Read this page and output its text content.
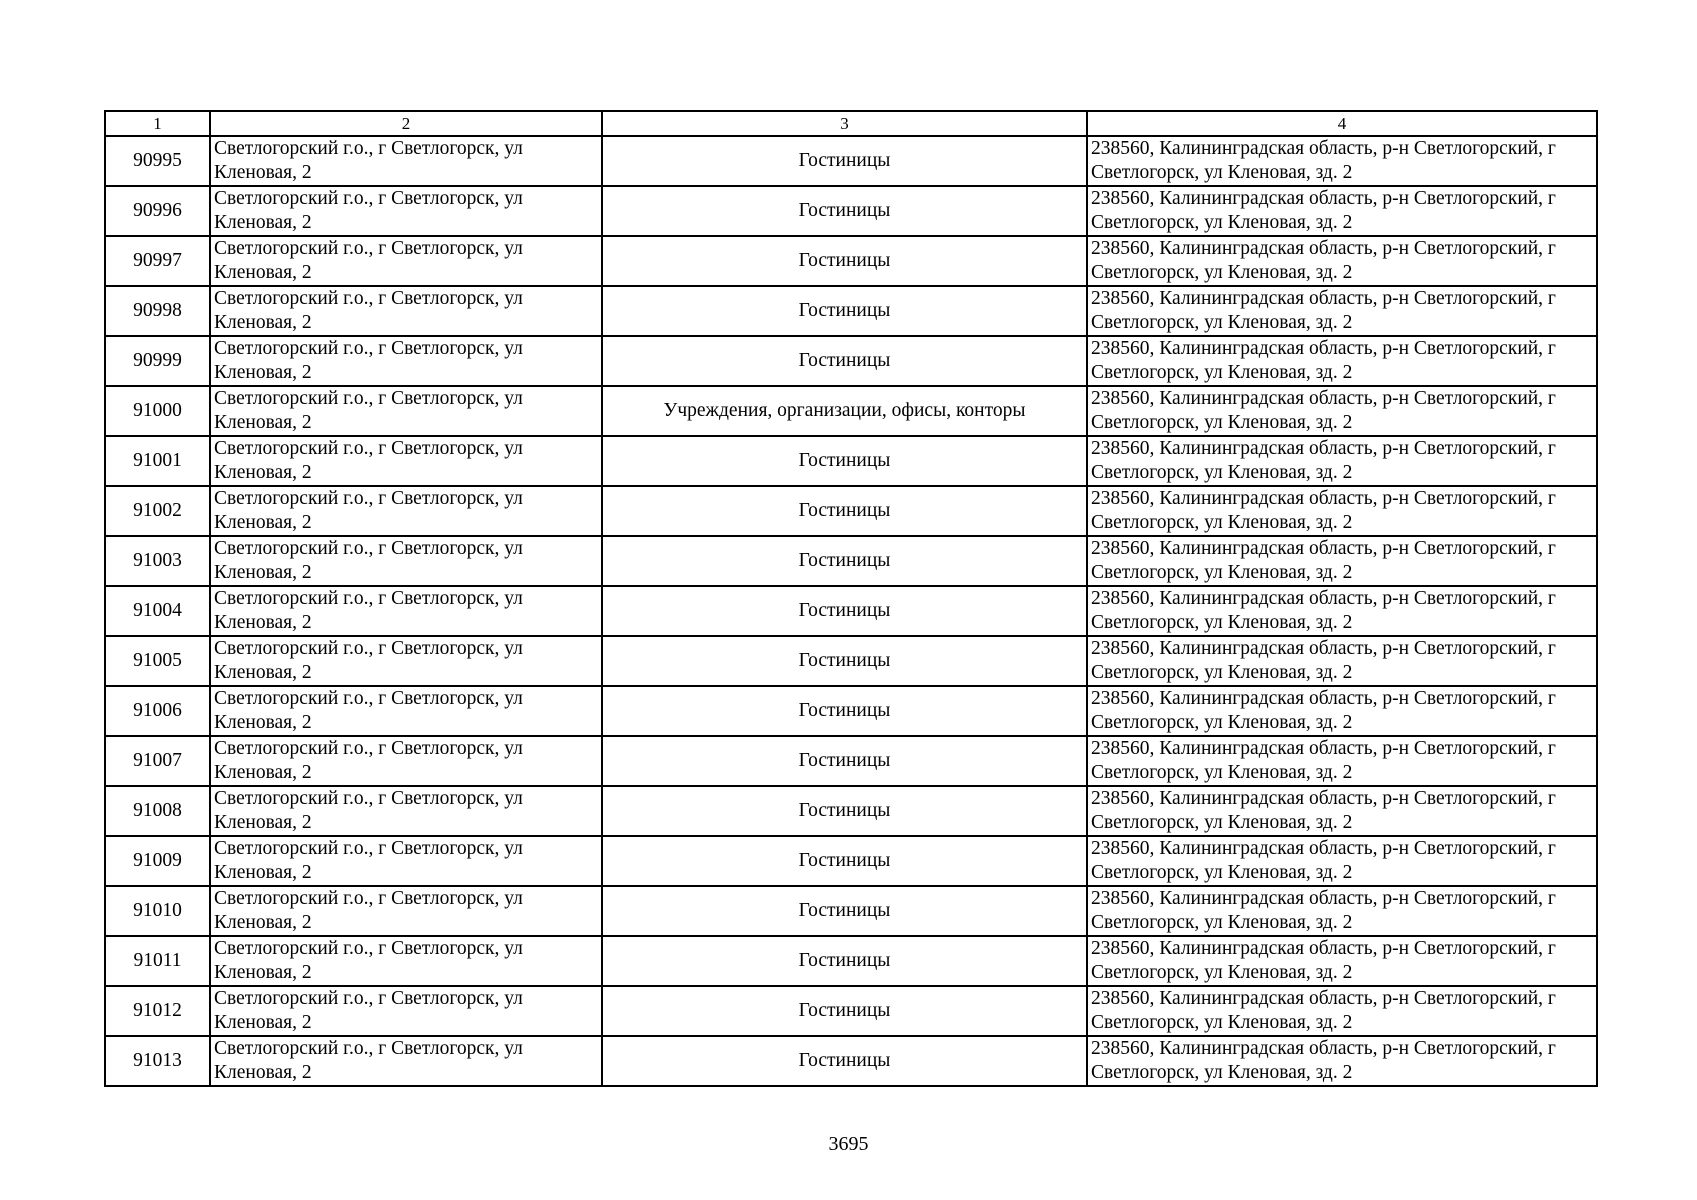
1	2	3	4
90995	Светлогорский г.о., г Светлогорск, ул Кленовая, 2	Гостиницы	238560, Калининградская область, р-н Светлогорский, г Светлогорск, ул Кленовая, зд. 2
90996	Светлогорский г.о., г Светлогорск, ул Кленовая, 2	Гостиницы	238560, Калининградская область, р-н Светлогорский, г Светлогорск, ул Кленовая, зд. 2
90997	Светлогорский г.о., г Светлогорск, ул Кленовая, 2	Гостиницы	238560, Калининградская область, р-н Светлогорский, г Светлогорск, ул Кленовая, зд. 2
90998	Светлогорский г.о., г Светлогорск, ул Кленовая, 2	Гостиницы	238560, Калининградская область, р-н Светлогорский, г Светлогорск, ул Кленовая, зд. 2
90999	Светлогорский г.о., г Светлогорск, ул Кленовая, 2	Гостиницы	238560, Калининградская область, р-н Светлогорский, г Светлогорск, ул Кленовая, зд. 2
91000	Светлогорский г.о., г Светлогорск, ул Кленовая, 2	Учреждения, организации, офисы, конторы	238560, Калининградская область, р-н Светлогорский, г Светлогорск, ул Кленовая, зд. 2
91001	Светлогорский г.о., г Светлогорск, ул Кленовая, 2	Гостиницы	238560, Калининградская область, р-н Светлогорский, г Светлогорск, ул Кленовая, зд. 2
91002	Светлогорский г.о., г Светлогорск, ул Кленовая, 2	Гостиницы	238560, Калининградская область, р-н Светлогорский, г Светлогорск, ул Кленовая, зд. 2
91003	Светлогорский г.о., г Светлогорск, ул Кленовая, 2	Гостиницы	238560, Калининградская область, р-н Светлогорский, г Светлогорск, ул Кленовая, зд. 2
91004	Светлогорский г.о., г Светлогорск, ул Кленовая, 2	Гостиницы	238560, Калининградская область, р-н Светлогорский, г Светлогорск, ул Кленовая, зд. 2
91005	Светлогорский г.о., г Светлогорск, ул Кленовая, 2	Гостиницы	238560, Калининградская область, р-н Светлогорский, г Светлогорск, ул Кленовая, зд. 2
91006	Светлогорский г.о., г Светлогорск, ул Кленовая, 2	Гостиницы	238560, Калининградская область, р-н Светлогорский, г Светлогорск, ул Кленовая, зд. 2
91007	Светлогорский г.о., г Светлогорск, ул Кленовая, 2	Гостиницы	238560, Калининградская область, р-н Светлогорский, г Светлогорск, ул Кленовая, зд. 2
91008	Светлогорский г.о., г Светлогорск, ул Кленовая, 2	Гостиницы	238560, Калининградская область, р-н Светлогорский, г Светлогорск, ул Кленовая, зд. 2
91009	Светлогорский г.о., г Светлогорск, ул Кленовая, 2	Гостиницы	238560, Калининградская область, р-н Светлогорский, г Светлогорск, ул Кленовая, зд. 2
91010	Светлогорский г.о., г Светлогорск, ул Кленовая, 2	Гостиницы	238560, Калининградская область, р-н Светлогорский, г Светлогорск, ул Кленовая, зд. 2
91011	Светлогорский г.о., г Светлогорск, ул Кленовая, 2	Гостиницы	238560, Калининградская область, р-н Светлогорский, г Светлогорск, ул Кленовая, зд. 2
91012	Светлогорский г.о., г Светлогорск, ул Кленовая, 2	Гостиницы	238560, Калининградская область, р-н Светлогорский, г Светлогорск, ул Кленовая, зд. 2
91013	Светлогорский г.о., г Светлогорск, ул Кленовая, 2	Гостиницы	238560, Калининградская область, р-н Светлогорский, г Светлогорск, ул Кленовая, зд. 2
3695
